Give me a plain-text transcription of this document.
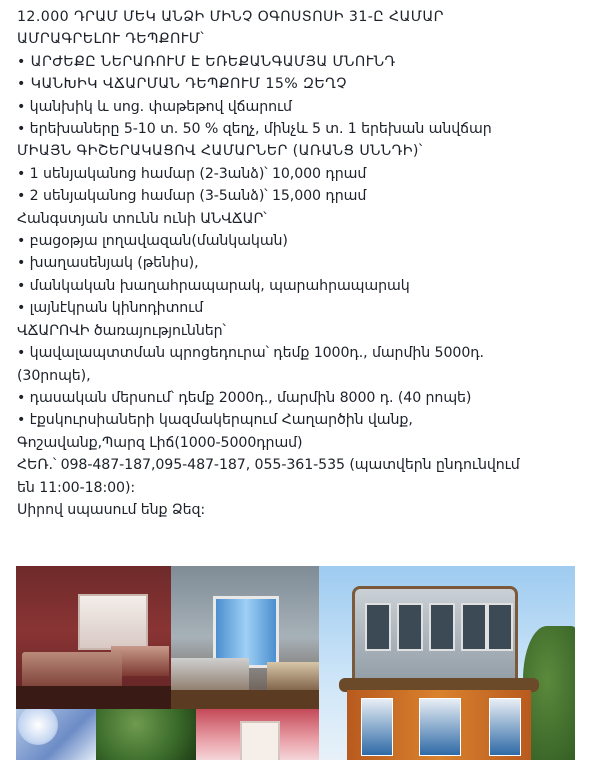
12.000 ԴՐԱՄ ՄԵԿ ԱՆՁԻ ՄԻՆՉ ՕԳՈՍՏՈՍԻ 31-Ը ՀԱՄԱՐ
ԱՄՐԱԳՐԵԼՈՒ ԴԵՊՔՈՒՄ՝
• ԱՐԺԵՔԸ ՆԵՐԱՌՈՒՄ Է ԵՌԵՔԱՆԳԱՄՅԱ ՄՆՈՒՆԴ
• ԿԱՆԽԻԿ ՎՃԱՐՄԱՆ ԴԵՊՔՈՒՄ 15% ԶԵՂՉ
• կանխիկ և սոց. փաթեթով վճարում
• երեխաները 5-10 տ. 50 % զեղչ, մինչև 5 տ. 1 երեխան անվճար
ՄԻԱՅՆ ԳԻՇԵՐԱԿԱՑՈՎ ՀԱՄԱՐՆԵՐ (ԱՌԱՆՑ ՍՆՆԴԻ)՝
• 1 սենյականոց համար (2-3անձ)՝ 10,000 դրամ
• 2 սենյականոց համար (3-5անձ)՝ 15,000 դրամ
Հանգստյան տունն ունի ԱՆՎՃԱՐ՝
• բացօթյա լողավազան(մանկական)
• խաղասենյակ (թենիս),
• մանկական խաղահրապարակ, պարահրապարակ
• լայնէկրան կինոդիտում
ՎՃԱՐՈՎԻ ծառայություններ՝
• կավալապտտման պրոցեդուրա՝ դեմք 1000դ., մարմին 5000դ.
(30րոպե),
• դասական մերսում՝ դեմք 2000դ., մարմին 8000 դ. (40 րոպե)
• էքսկուրսիաների կազմակերպում Հաղարծին վանք,
Գոշավանք,Պարզ Լիճ(1000-5000դրամ)
ՀԵՌ.՝ 098-487-187,095-487-187, 055-361-535 (պատվերն ընդունվում
են 11:00-18:00):
Սիրով սպասում ենք Ձեզ:
